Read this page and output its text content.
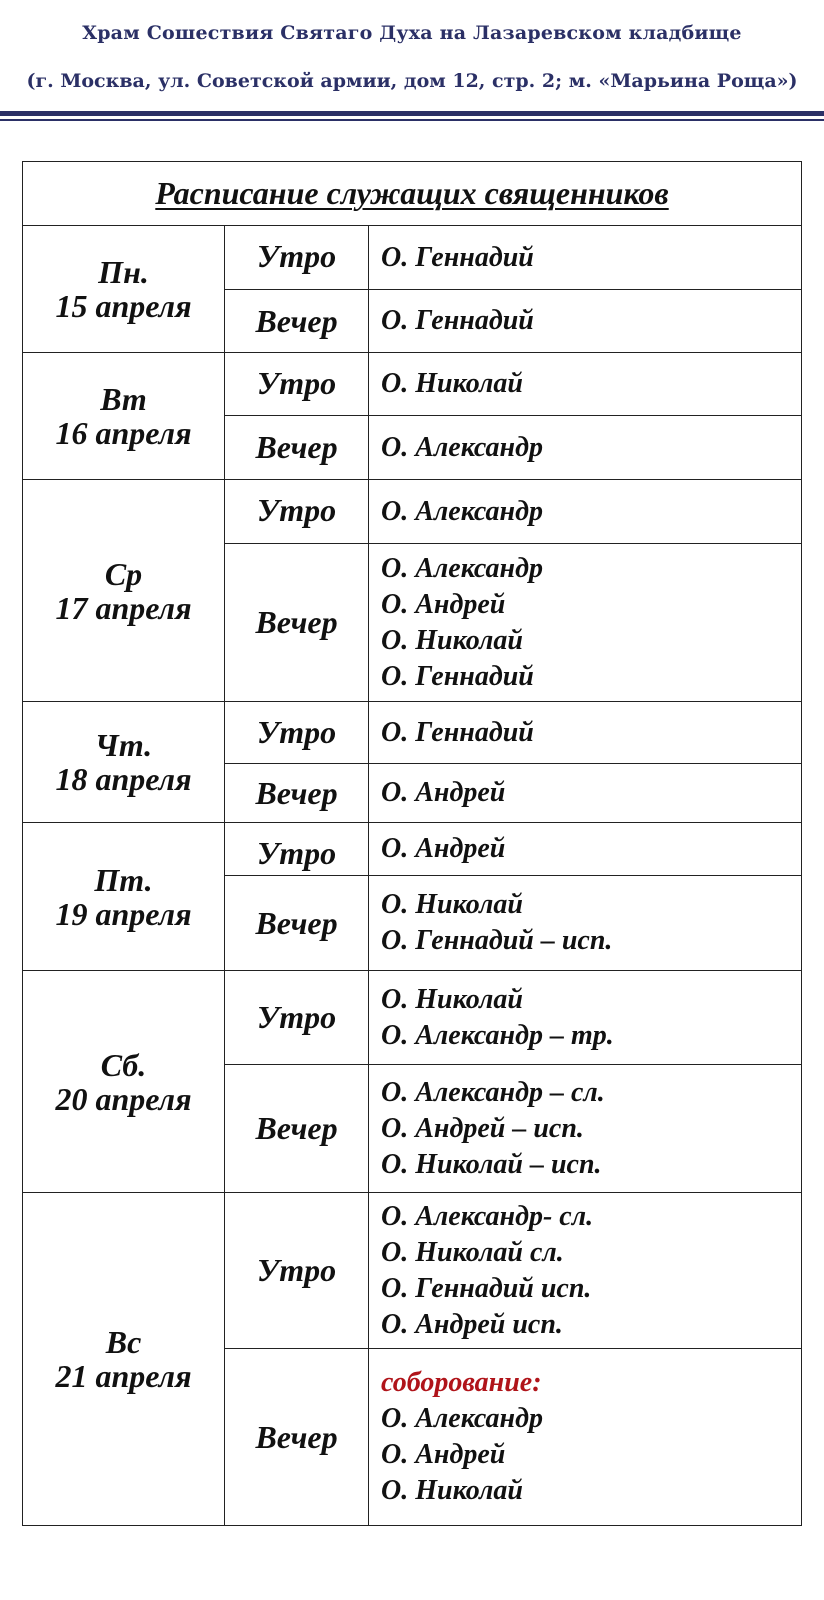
Храм Сошествия Святаго Духа на Лазаревском кладбище
(г. Москва, ул. Советской армии, дом 12, стр. 2; м. «Марьина Роща»)
Расписание служащих священников		

Пн.
15 апреля	Утро	О. Геннадий

	Вечер	О. Геннадий

Вт
16 апреля	Утро	О. Николай

	Вечер	О. Александр

Ср
17 апреля	Утро	О. Александр

	Вечер	О. Александр
О. Андрей
О. Николай
О. Геннадий

Чт.
18 апреля	Утро	О. Геннадий

	Вечер	О. Андрей

Пт.
19 апреля	Утро	О. Андрей

	Вечер	О. Николай
О. Геннадий – исп.

Сб.
20 апреля	Утро	О. Николай
О. Александр – тр.

	Вечер	О. Александр – сл.
О. Андрей – исп.
О. Николай – исп.

Вс
21 апреля	Утро	О. Александр- сл.
О. Николай сл.
О. Геннадий исп.
О. Андрей исп.

	Вечер	соборование:
О. Александр
О. Андрей
О. Николай
